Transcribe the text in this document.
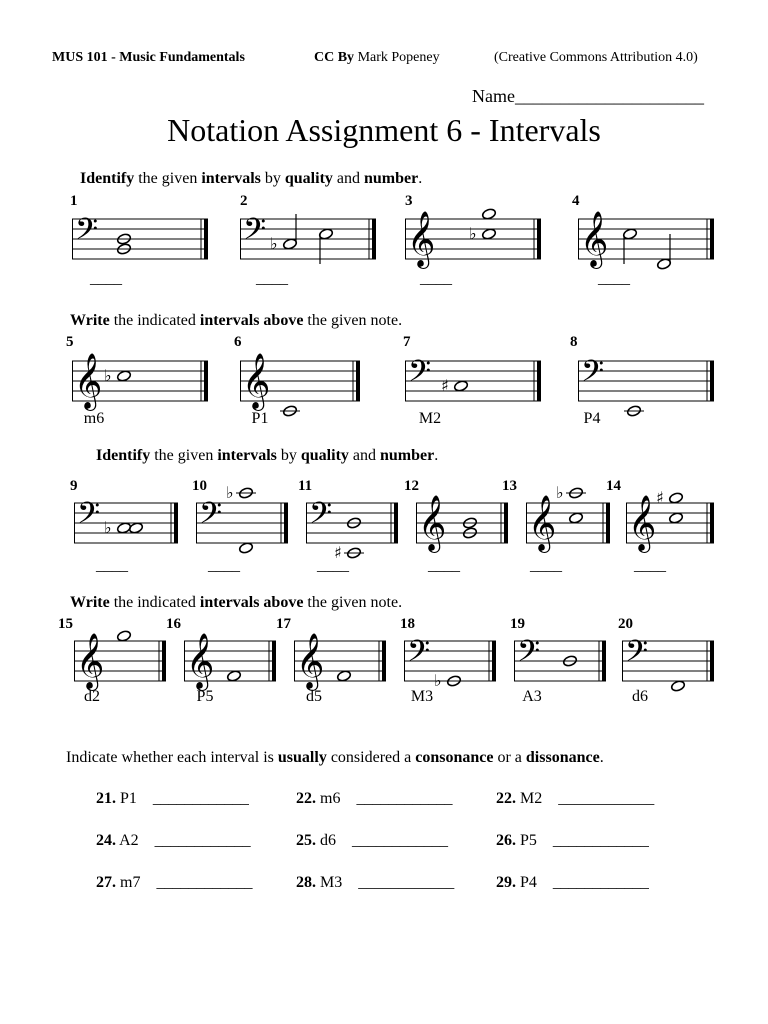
MUS 101 - Music Fundamentals	CC By Mark Popeney	(Creative Commons Attribution 4.0)
Name_____________________
Notation Assignment 6 - Intervals
Identify the given intervals by quality and number.
Write the indicated intervals above the given note.
Identify the given intervals by quality and number.
Write the indicated intervals above the given note.
1
𝄢
____
2
𝄢 ♭
____
3
𝄞 ♭
____
4
𝄞
____
5
𝄞 ♭
m6
6
𝄞
P1
7
𝄢 ♯
M2
8
𝄢
P4
9
𝄢 ♭
____
10
𝄢
♭
____
11
𝄢
♯
____
12
𝄞
____
13
𝄞
♭
____
14
𝄞 ♯
____
15
𝄞
d2
16
𝄞
P5
17
𝄞
d5
18
𝄢
♭
M3
19
𝄢
A3
20
𝄢
d6
Indicate whether each interval is usually considered a consonance or a dissonance.
21. P1  ____________	22. m6  ____________	22. M2  ____________
24. A2  ____________	25. d6  ____________	26. P5  ____________
27. m7  ____________	28. M3  ____________	29. P4  ____________
